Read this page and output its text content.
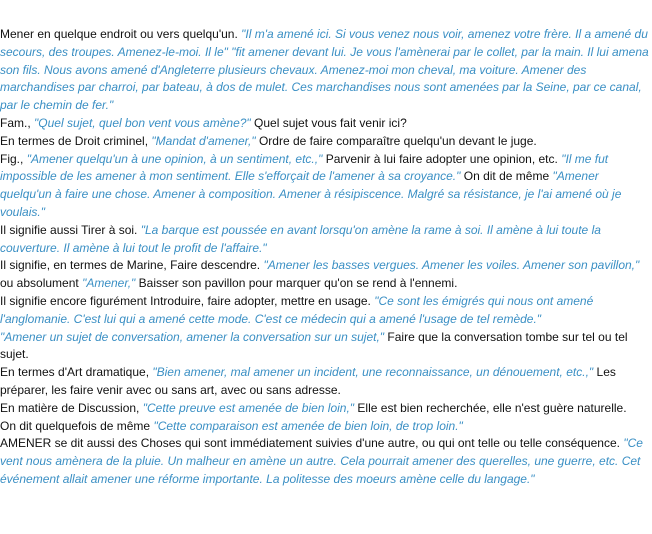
Mener en quelque endroit ou vers quelqu'un. "Il m'a amené ici. Si vous venez nous voir, amenez votre frère. Il a amené du secours, des troupes. Amenez-le-moi. Il le" "fit amener devant lui. Je vous l'amènerai par le collet, par la main. Il lui amena son fils. Nous avons amené d'Angleterre plusieurs chevaux. Amenez-moi mon cheval, ma voiture. Amener des marchandises par charroi, par bateau, à dos de mulet. Ces marchandises nous sont amenées par la Seine, par ce canal, par le chemin de fer."

Fam., "Quel sujet, quel bon vent vous amène?" Quel sujet vous fait venir ici?

En termes de Droit criminel, "Mandat d'amener," Ordre de faire comparaître quelqu'un devant le juge.

Fig., "Amener quelqu'un à une opinion, à un sentiment, etc.," Parvenir à lui faire adopter une opinion, etc. "Il me fut impossible de les amener à mon sentiment. Elle s'efforçait de l'amener à sa croyance." On dit de même "Amener quelqu'un à faire une chose. Amener à composition. Amener à résipiscence. Malgré sa résistance, je l'ai amené où je voulais."

Il signifie aussi Tirer à soi. "La barque est poussée en avant lorsqu'on amène la rame à soi. Il amène à lui toute la couverture. Il amène à lui tout le profit de l'affaire."

Il signifie, en termes de Marine, Faire descendre. "Amener les basses vergues. Amener les voiles. Amener son pavillon," ou absolument "Amener," Baisser son pavillon pour marquer qu'on se rend à l'ennemi.

Il signifie encore figurément Introduire, faire adopter, mettre en usage. "Ce sont les émigrés qui nous ont amené l'anglomanie. C'est lui qui a amené cette mode. C'est ce médecin qui a amené l'usage de tel remède."

"Amener un sujet de conversation, amener la conversation sur un sujet," Faire que la conversation tombe sur tel ou tel sujet.

En termes d'Art dramatique, "Bien amener, mal amener un incident, une reconnaissance, un dénouement, etc.," Les préparer, les faire venir avec ou sans art, avec ou sans adresse.

En matière de Discussion, "Cette preuve est amenée de bien loin," Elle est bien recherchée, elle n'est guère naturelle.

On dit quelquefois de même "Cette comparaison est amenée de bien loin, de trop loin."

AMENER se dit aussi des Choses qui sont immédiatement suivies d'une autre, ou qui ont telle ou telle conséquence. "Ce vent nous amènera de la pluie. Un malheur en amène un autre. Cela pourrait amener des querelles, une guerre, etc. Cet événement allait amener une réforme importante. La politesse des moeurs amène celle du langage."
